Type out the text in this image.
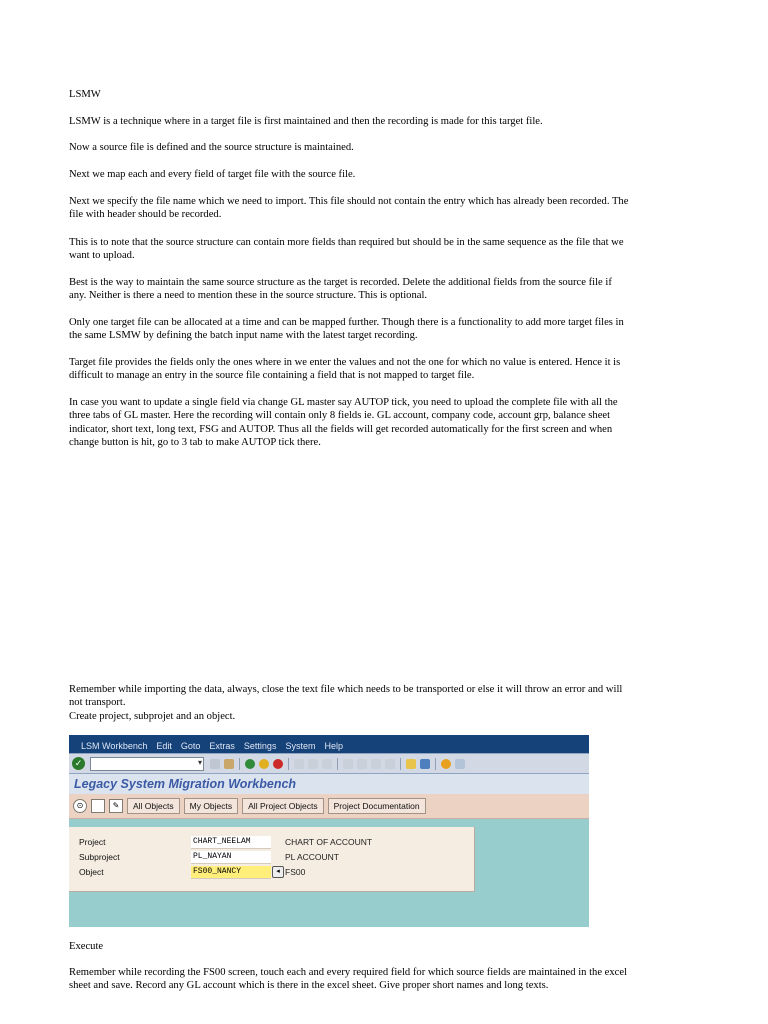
LSMW

LSMW is a technique where in a target file is first maintained and then the recording is made for this target file.

Now a source file is defined and the source structure is maintained.

Next we map each and every field of target file with the source file.

Next we specify the file name which we need to import. This file should not contain the entry which has already been recorded. The file with header should be recorded.

This is to note that the source structure can contain more fields than required but should be in the same sequence as the file that we want to upload.

Best is the way to maintain the same source structure as the target is recorded. Delete the additional fields from the source file if any. Neither is there a need to mention these in the source structure. This is optional.

Only one target file can be allocated at a time and can be mapped further. Though there is a functionality to add more target files in the same LSMW by defining the batch input name with the latest target recording.

Target file provides the fields only the ones where in we enter the values and not the one for which no value is entered. Hence it is difficult to manage an entry in the source file containing a field that is not mapped to target file.

In case you want to update a single field via change GL master say AUTOP tick, you need to upload the complete file with all the three tabs of GL master. Here the recording will contain only 8 fields ie. GL account, company code, account grp, balance sheet indicator, short text, long text, FSG and AUTOP. Thus all the fields will get recorded automatically for the first screen and when change button is hit, go to 3 tab to make AUTOP tick there.

Remember while importing the data, always, close the text file which needs to be transported or else it will throw an error and will not transport.

Create project, subprojet and an object.

LSM Workbench Edit Goto Extras Settings System Help
✓	▾
Legacy System Migration Workbench
⊙	✎	All Objects	My Objects	All Project Objects	Project Documentation
Project	CHART_NEELAM	CHART OF ACCOUNT
Subproject	PL_NAYAN	PL ACCOUNT
Object	FS00_NANCY	◂ FS00

Execute

Remember while recording the FS00 screen, touch each and every required field for which source fields are maintained in the excel sheet and save. Record any GL account which is there in the excel sheet. Give proper short names and long texts.
